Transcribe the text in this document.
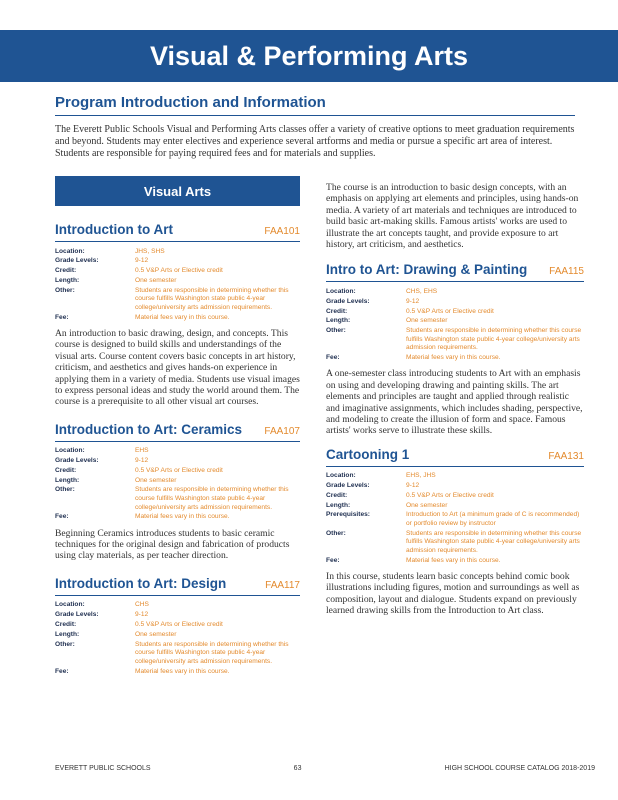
Visual & Performing Arts
Program Introduction and Information

The Everett Public Schools Visual and Performing Arts classes offer a variety of creative options to meet graduation requirements and beyond. Students may enter electives and experience several artforms and media or pursue a specific art area of interest. Students are responsible for paying required fees and for materials and supplies.

Visual Arts
Introduction to Art	FAA101
Location:	JHS, SHS
Grade Levels:	9-12
Credit:	0.5 V&P Arts or Elective credit
Length:	One semester
Other:	Students are responsible in determining whether this course fulfills Washington state public 4-year college/university arts admission requirements.
Fee:	Material fees vary in this course.

An introduction to basic drawing, design, and concepts. This course is designed to build skills and understandings of the visual arts. Course content covers basic concepts in art history, criticism, and aesthetics and gives hands-on experience in applying them in a variety of media. Students use visual images to express personal ideas and study the world around them. The course is a prerequisite to all other visual art courses.

Introduction to Art: Ceramics FAA107
Location:	EHS
Grade Levels:	9-12
Credit:	0.5 V&P Arts or Elective credit
Length:	One semester
Other:	Students are responsible in determining whether this course fulfills Washington state public 4-year college/university arts admission requirements.
Fee:	Material fees vary in this course.

Beginning Ceramics introduces students to basic ceramic techniques for the original design and fabrication of products using clay materials, as per teacher direction.

Introduction to Art: Design	FAA117
Location:	CHS
Grade Levels:	9-12
Credit:	0.5 V&P Arts or Elective credit
Length:	One semester
Other:	Students are responsible in determining whether this course fulfills Washington state public 4-year college/university arts admission requirements.
Fee:	Material fees vary in this course.

The course is an introduction to basic design concepts, with an emphasis on applying art elements and principles, using hands-on media. A variety of art materials and techniques are introduced to build basic art-making skills. Famous artists' works are used to illustrate the art concepts taught, and provide exposure to art history, art criticism, and aesthetics.

Intro to Art: Drawing & Painting FAA115
Location:	CHS, EHS
Grade Levels:	9-12
Credit:	0.5 V&P Arts or Elective credit
Length:	One semester
Other:	Students are responsible in determining whether this course fulfills Washington state public 4-year college/university arts admission requirements.
Fee:	Material fees vary in this course.

A one-semester class introducing students to Art with an emphasis on using and developing drawing and painting skills. The art elements and principles are taught and applied through realistic and imaginative assignments, which includes shading, perspective, and modeling to create the illusion of form and space. Famous artists' works serve to illustrate these skills.

Cartooning 1	FAA131
Location:	EHS, JHS
Grade Levels:	9-12
Credit:	0.5 V&P Arts or Elective credit
Length:	One semester
Prerequisites:	Introduction to Art (a minimum grade of C is recommended) or portfolio review by instructor
Other:	Students are responsible in determining whether this course fulfills Washington state public 4-year college/university arts admission requirements.
Fee:	Material fees vary in this course.

In this course, students learn basic concepts behind comic book illustrations including figures, motion and surroundings as well as composition, layout and dialogue. Students expand on previously learned drawing skills from the Introduction to Art class.

EVERETT PUBLIC SCHOOLS	63	HIGH SCHOOL COURSE CATALOG 2018-2019
